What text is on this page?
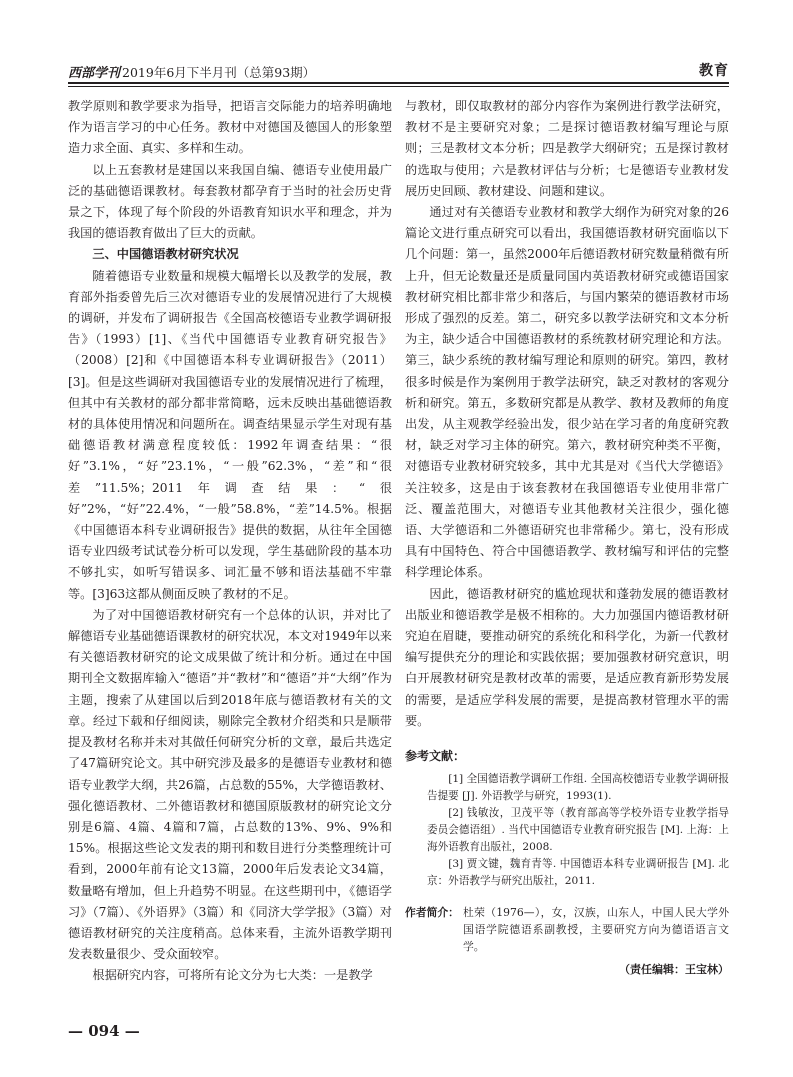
西部学刊 2019年6月下半月刊（总第93期）	教育

教学原则和教学要求为指导，把语言交际能力的培养明确地作为语言学习的中心任务。教材中对德国及德国人的形象塑造力求全面、真实、多样和生动。

以上五套教材是建国以来我国自编、德语专业使用最广泛的基础德语课教材。每套教材都孕育于当时的社会历史背景之下，体现了每个阶段的外语教育知识水平和理念，并为我国的德语教育做出了巨大的贡献。

三、中国德语教材研究状况

随着德语专业数量和规模大幅增长以及教学的发展，教育部外指委曾先后三次对德语专业的发展情况进行了大规模的调研，并发布了调研报告《全国高校德语专业教学调研报告》（1993）[1]、《当代中国德语专业教育研究报告》（2008）[2]和《中国德语本科专业调研报告》（2011）[3]。但是这些调研对我国德语专业的发展情况进行了梳理，但其中有关教材的部分都非常简略，远未反映出基础德语教材的具体使用情况和问题所在。调查结果显示学生对现有基础德语教材满意程度较低：1992年调查结果：“很好”3.1%，“好”23.1%，“一般”62.3%，“差”和“很差”11.5%；2011年调查结果：“很好”2%，“好”22.4%，“一般”58.8%，“差”14.5%。根据《中国德语本科专业调研报告》提供的数据，从往年全国德语专业四级考试试卷分析可以发现，学生基础阶段的基本功不够扎实，如听写错误多、词汇量不够和语法基础不牢靠等。[3]63这都从侧面反映了教材的不足。

为了对中国德语教材研究有一个总体的认识，并对比了解德语专业基础德语课教材的研究状况，本文对1949年以来有关德语教材研究的论文成果做了统计和分析。通过在中国期刊全文数据库输入“德语”并“教材”和“德语”并“大纲”作为主题，搜索了从建国以后到2018年底与德语教材有关的文章。经过下载和仔细阅读，剔除完全教材介绍类和只是顺带提及教材名称并未对其做任何研究分析的文章，最后共选定了47篇研究论文。其中研究涉及最多的是德语专业教材和德语专业教学大纲，共26篇，占总数的55%，大学德语教材、强化德语教材、二外德语教材和德国原版教材的研究论文分别是6篇、4篇、4篇和7篇，占总数的13%、9%、9%和15%。根据这些论文发表的期刊和数目进行分类整理统计可看到，2000年前有论文13篇，2000年后发表论文34篇，数量略有增加，但上升趋势不明显。在这些期刊中，《德语学习》（7篇）、《外语界》（3篇）和《同济大学学报》（3篇）对德语教材研究的关注度稍高。总体来看，主流外语教学期刊发表数量很少、受众面较窄。

根据研究内容，可将所有论文分为七大类：一是教学

与教材，即仅取教材的部分内容作为案例进行教学法研究，教材不是主要研究对象；二是探讨德语教材编写理论与原则；三是教材文本分析；四是教学大纲研究；五是探讨教材的选取与使用；六是教材评估与分析；七是德语专业教材发展历史回顾、教材建设、问题和建议。

通过对有关德语专业教材和教学大纲作为研究对象的26篇论文进行重点研究可以看出，我国德语教材研究面临以下几个问题：第一，虽然2000年后德语教材研究数量稍微有所上升，但无论数量还是质量同国内英语教材研究或德语国家教材研究相比都非常少和落后，与国内繁荣的德语教材市场形成了强烈的反差。第二，研究多以教学法研究和文本分析为主，缺少适合中国德语教材的系统教材研究理论和方法。第三，缺少系统的教材编写理论和原则的研究。第四，教材很多时候是作为案例用于教学法研究，缺乏对教材的客观分析和研究。第五，多数研究都是从教学、教材及教师的角度出发，从主观教学经验出发，很少站在学习者的角度研究教材，缺乏对学习主体的研究。第六，教材研究种类不平衡，对德语专业教材研究较多，其中尤其是对《当代大学德语》关注较多，这是由于该套教材在我国德语专业使用非常广泛、覆盖范围大，对德语专业其他教材关注很少，强化德语、大学德语和二外德语研究也非常稀少。第七，没有形成具有中国特色、符合中国德语教学、教材编写和评估的完整科学理论体系。

因此，德语教材研究的尴尬现状和蓬勃发展的德语教材出版业和德语教学是极不相称的。大力加强国内德语教材研究迫在眉睫，要推动研究的系统化和科学化，为新一代教材编写提供充分的理论和实践依据；要加强教材研究意识，明白开展教材研究是教材改革的需要，是适应教育新形势发展的需要，是适应学科发展的需要，是提高教材管理水平的需要。

参考文献：

[1] 全国德语教学调研工作组. 全国高校德语专业教学调研报告提要 [J]. 外语教学与研究，1993(1).

[2] 钱敏汝，卫茂平等（教育部高等学校外语专业教学指导委员会德语组）. 当代中国德语专业教育研究报告 [M]. 上海：上海外语教育出版社，2008.

[3] 贾文键，魏育青等. 中国德语本科专业调研报告 [M]. 北京：外语教学与研究出版社，2011.

作者简介： 杜荣（1976—），女，汉族，山东人，中国人民大学外国语学院德语系副教授，主要研究方向为德语语言文学。
（责任编辑：王宝林）
— 094 —
